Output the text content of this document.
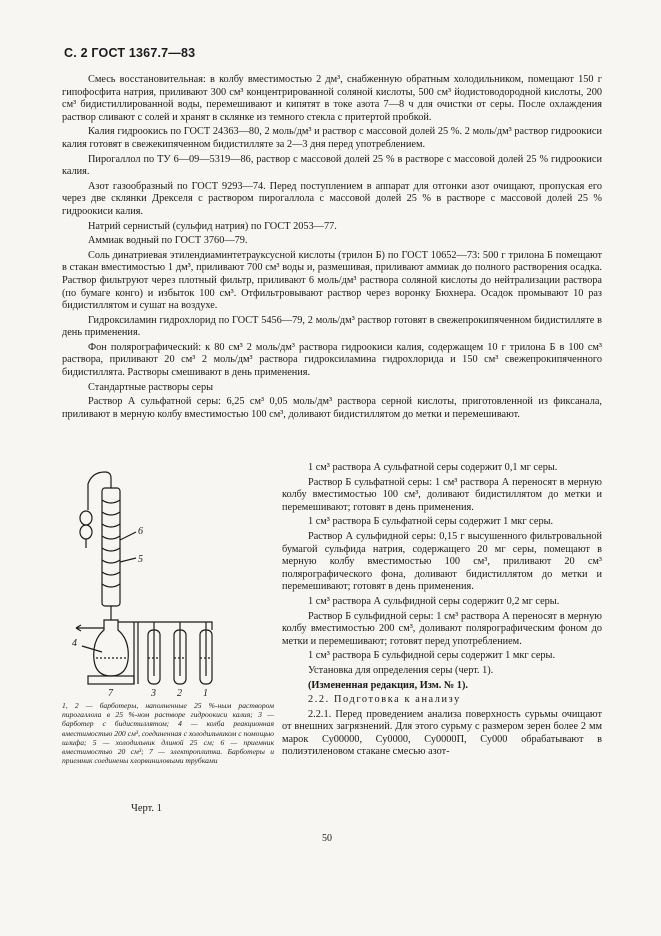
С. 2 ГОСТ 1367.7—83

Смесь восстановительная: в колбу вместимостью 2 дм³, снабженную обратным холодильником, помещают 150 г гипофосфита натрия, приливают 300 см³ концентрированной соляной кислоты, 500 см³ йодистоводородной кислоты, 200 см³ бидистиллированной воды, перемешивают и кипятят в токе азота 7—8 ч для очистки от серы. После охлаждения раствор сливают с солей и хранят в склянке из темного стекла с притертой пробкой.

Калия гидроокись по ГОСТ 24363—80, 2 моль/дм³ и раствор с массовой долей 25 %. 2 моль/дм³ раствор гидроокиси калия готовят в свежекипяченном бидистилляте за 2—3 дня перед употреблением.

Пирогаллол по ТУ 6—09—5319—86, раствор с массовой долей 25 % в растворе с массовой долей 25 % гидроокиси калия.

Азот газообразный по ГОСТ 9293—74. Перед поступлением в аппарат для отгонки азот очищают, пропуская его через две склянки Дрекселя с раствором пирогаллола с массовой долей 25 % в растворе с массовой долей 25 % гидроокиси калия.

Натрий сернистый (сульфид натрия) по ГОСТ 2053—77.

Аммиак водный по ГОСТ 3760—79.

Соль динатриевая этилендиаминтетрауксусной кислоты (трилон Б) по ГОСТ 10652—73: 500 г трилона Б помещают в стакан вместимостью 1 дм³, приливают 700 см³ воды и, размешивая, приливают аммиак до полного растворения осадка. Раствор фильтруют через плотный фильтр, приливают 6 моль/дм³ раствора соляной кислоты до нейтрализации раствора (по бумаге конго) и избыток 100 см³. Отфильтровывают раствор через воронку Бюхнера. Осадок промывают 10 раз бидистиллятом и сушат на воздухе.

Гидроксиламин гидрохлорид по ГОСТ 5456—79, 2 моль/дм³ раствор готовят в свежепрокипяченном бидистилляте в день применения.

Фон полярографический: к 80 см³ 2 моль/дм³ раствора гидроокиси калия, содержащем 10 г трилона Б в 100 см³ раствора, приливают 20 см³ 2 моль/дм³ раствора гидроксиламина гидрохлорида и 150 см³ свежепрокипяченного бидистиллята. Растворы смешивают в день применения.

Стандартные растворы серы

Раствор А сульфатной серы: 6,25 см³ 0,05 моль/дм³ раствора серной кислоты, приготовленной из фиксанала, приливают в мерную колбу вместимостью 100 см³, доливают бидистиллятом до метки и перемешивают.

6
5
4
7	3 2 1
1, 2 — барботеры, наполненные 25 %-ным раствором пирогаллола в 25 %-ном растворе гидроокиси калия; 3 — барботер с бидистиллятом; 4 — колба реакционная вместимостью 200 см³, соединенная с холодильником с помощью шлифа; 5 — холодильник длиной 25 см; 6 — приемник вместимостью 20 см³; 7 — электроплитка. Барботеры и приемник соединены хлорвиниловыми трубками
Черт. 1

1 см³ раствора А сульфатной серы содержит 0,1 мг серы.

Раствор Б сульфатной серы: 1 см³ раствора А переносят в мерную колбу вместимостью 100 см³, доливают бидистиллятом до метки и перемешивают; готовят в день применения.

1 см³ раствора Б сульфатной серы содержит 1 мкг серы.

Раствор А сульфидной серы: 0,15 г высушенного фильтровальной бумагой сульфида натрия, содержащего 20 мг серы, помещают в мерную колбу вместимостью 100 см³, приливают 20 см³ полярографического фона, доливают бидистиллятом до метки и перемешивают; готовят в день применения.

1 см³ раствора А сульфидной серы содержит 0,2 мг серы.

Раствор Б сульфидной серы: 1 см³ раствора А переносят в мерную колбу вместимостью 200 см³, доливают полярографическим фоном до метки и перемешивают; готовят перед употреблением.

1 см³ раствора Б сульфидной серы содержит 1 мкг серы.

Установка для определения серы (черт. 1).

(Измененная редакция, Изм. № 1).

2.2. Подготовка к анализу

2.2.1. Перед проведением анализа поверхность сурьмы очищают от внешних загрязнений. Для этого сурьму с размером зерен более 2 мм марок Су00000, Су0000, Су0000П, Су000 обрабатывают в полиэтиленовом стакане смесью азот-

50
